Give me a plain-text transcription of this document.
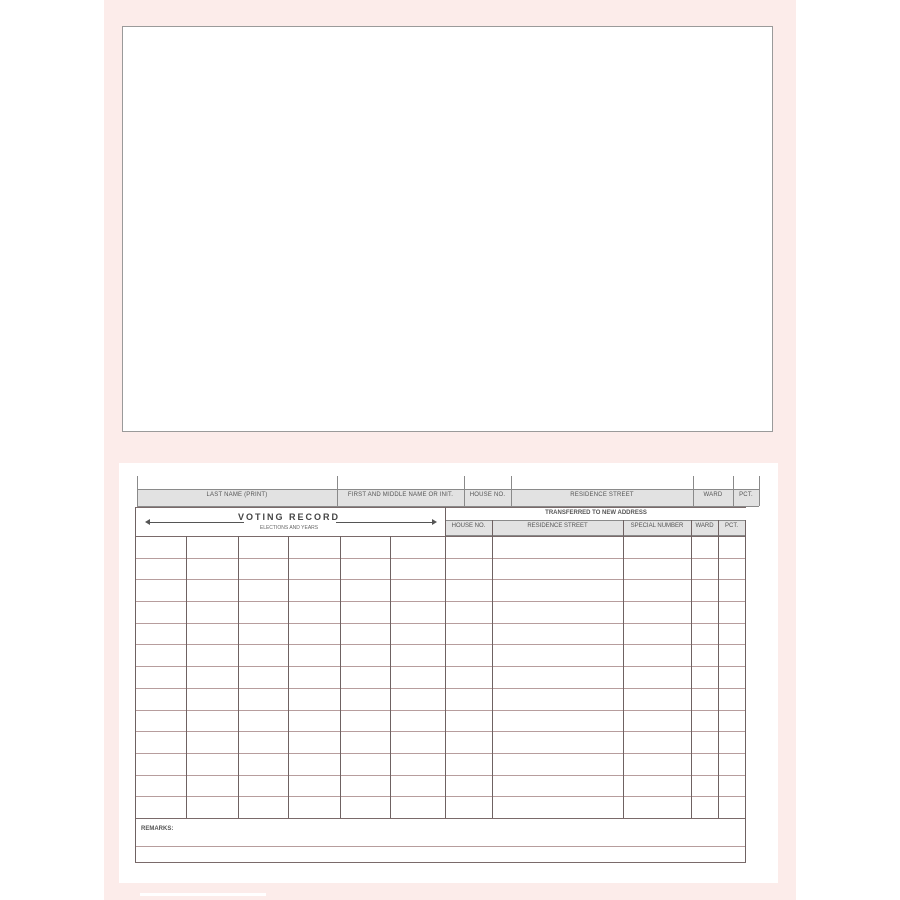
LAST NAME (PRINT)	FIRST AND MIDDLE NAME OR INIT.	HOUSE NO.	RESIDENCE STREET	WARD	PCT.
VOTING RECORD
ELECTIONS AND YEARS
TRANSFERRED TO NEW ADDRESS
HOUSE NO.	RESIDENCE STREET	SPECIAL NUMBER	WARD	PCT.
REMARKS:
